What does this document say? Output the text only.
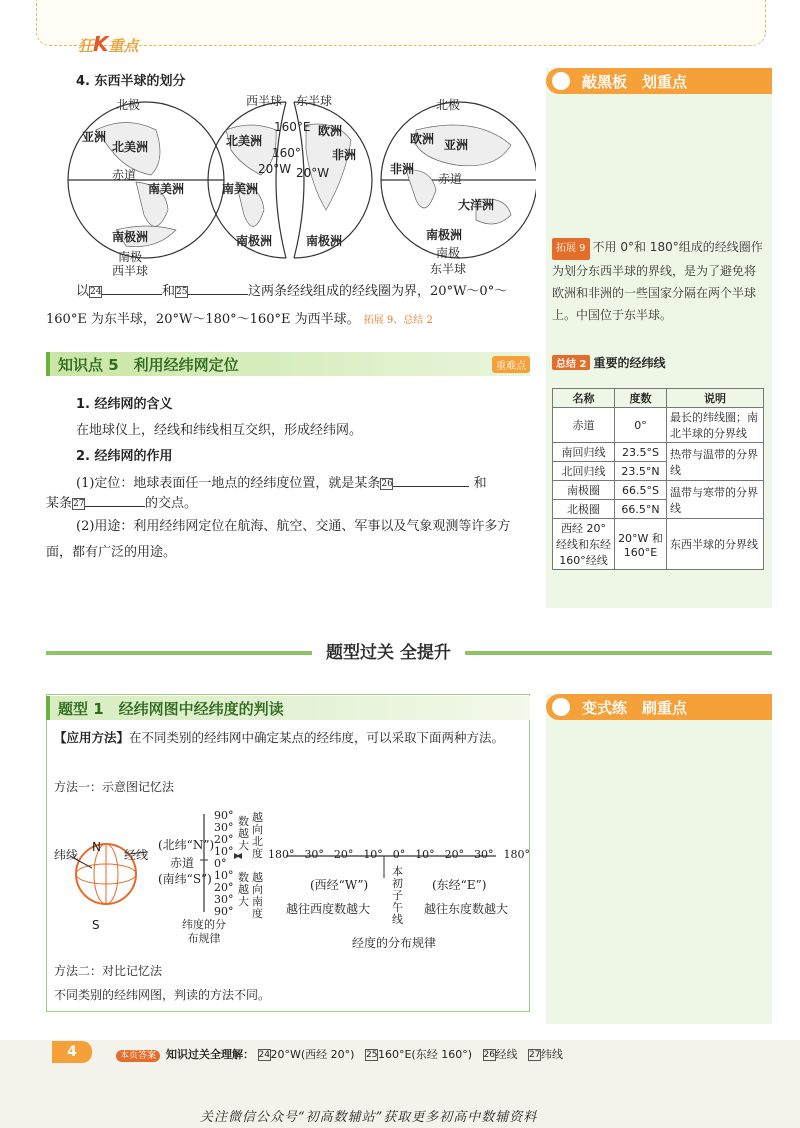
狂K重点
敲黑板　划重点
拓展 9 不用 0°和 180°组成的经线圈作为划分东西半球的界线，是为了避免将欧洲和非洲的一些国家分隔在两个半球上。中国位于东半球。
总结 2 重要的经纬线
名称	度数	说明
赤道	0°	最长的纬线圈；南北半球的分界线
南回归线	23.5°S	热带与温带的分界线
北回归线	23.5°N	
南极圈	66.5°S	温带与寒带的分界线
北极圈	66.5°N	
西经 20°经线和东经 160°经线	20°W 和 160°E	东西半球的分界线
4. 东西半球的划分
北极
亚洲
北美洲
赤道
南美洲
南极洲
南极
西半球
西半球 东半球
160°E
北美洲
欧洲
160°	非洲
20°W 20°W
南美洲
南极洲	南极洲
北极
欧洲 亚洲
非洲
赤道
大洋洲
南极洲
南极
东半球
以24	和25	这两条经线组成的经线圈为界，20°W～0°～
160°E 为东半球，20°W～180°～160°E 为西半球。 拓展 9、总结 2
知识点 5　利用经纬网定位	重难点
1. 经纬网的含义
在地球仪上，经线和纬线相互交织，形成经纬网。
2. 经纬网的作用
(1)定位：地球表面任一地点的经纬度位置，就是某条26	和
某条27	的交点。
(2)用途：利用经纬网定位在航海、航空、交通、军事以及气象观测等许多方面，都有广泛的用途。
题型过关 全提升
变式练　刷重点
题型 1　经纬网图中经纬度的判读
【应用方法】在不同类别的经纬网中确定某点的经纬度，可以采取下面两种方法。
方法一：示意图记忆法
纬线
N
经线
S
90°
30°
20°
10°
0°
10°
20°
30°
90°
(北纬“N”)
赤道
(南纬“S”)
数越大
越向北度
数越大
越向南度
纬度的分布规律
180° 30° 20° 10° 0° 10° 20° 30° 180°
(西经“W”)	(东经“E”)
本初子午线
越往西度数越大	越往东度数越大
经度的分布规律
方法二：对比记忆法
不同类别的经纬网图，判读的方法不同。
4	本页答案 知识过关全理解： 2420°W(西经 20°) 25160°E(东经 160°) 26经线 27纬线
关注微信公众号“初高数辅站”获取更多初高中数辅资料
